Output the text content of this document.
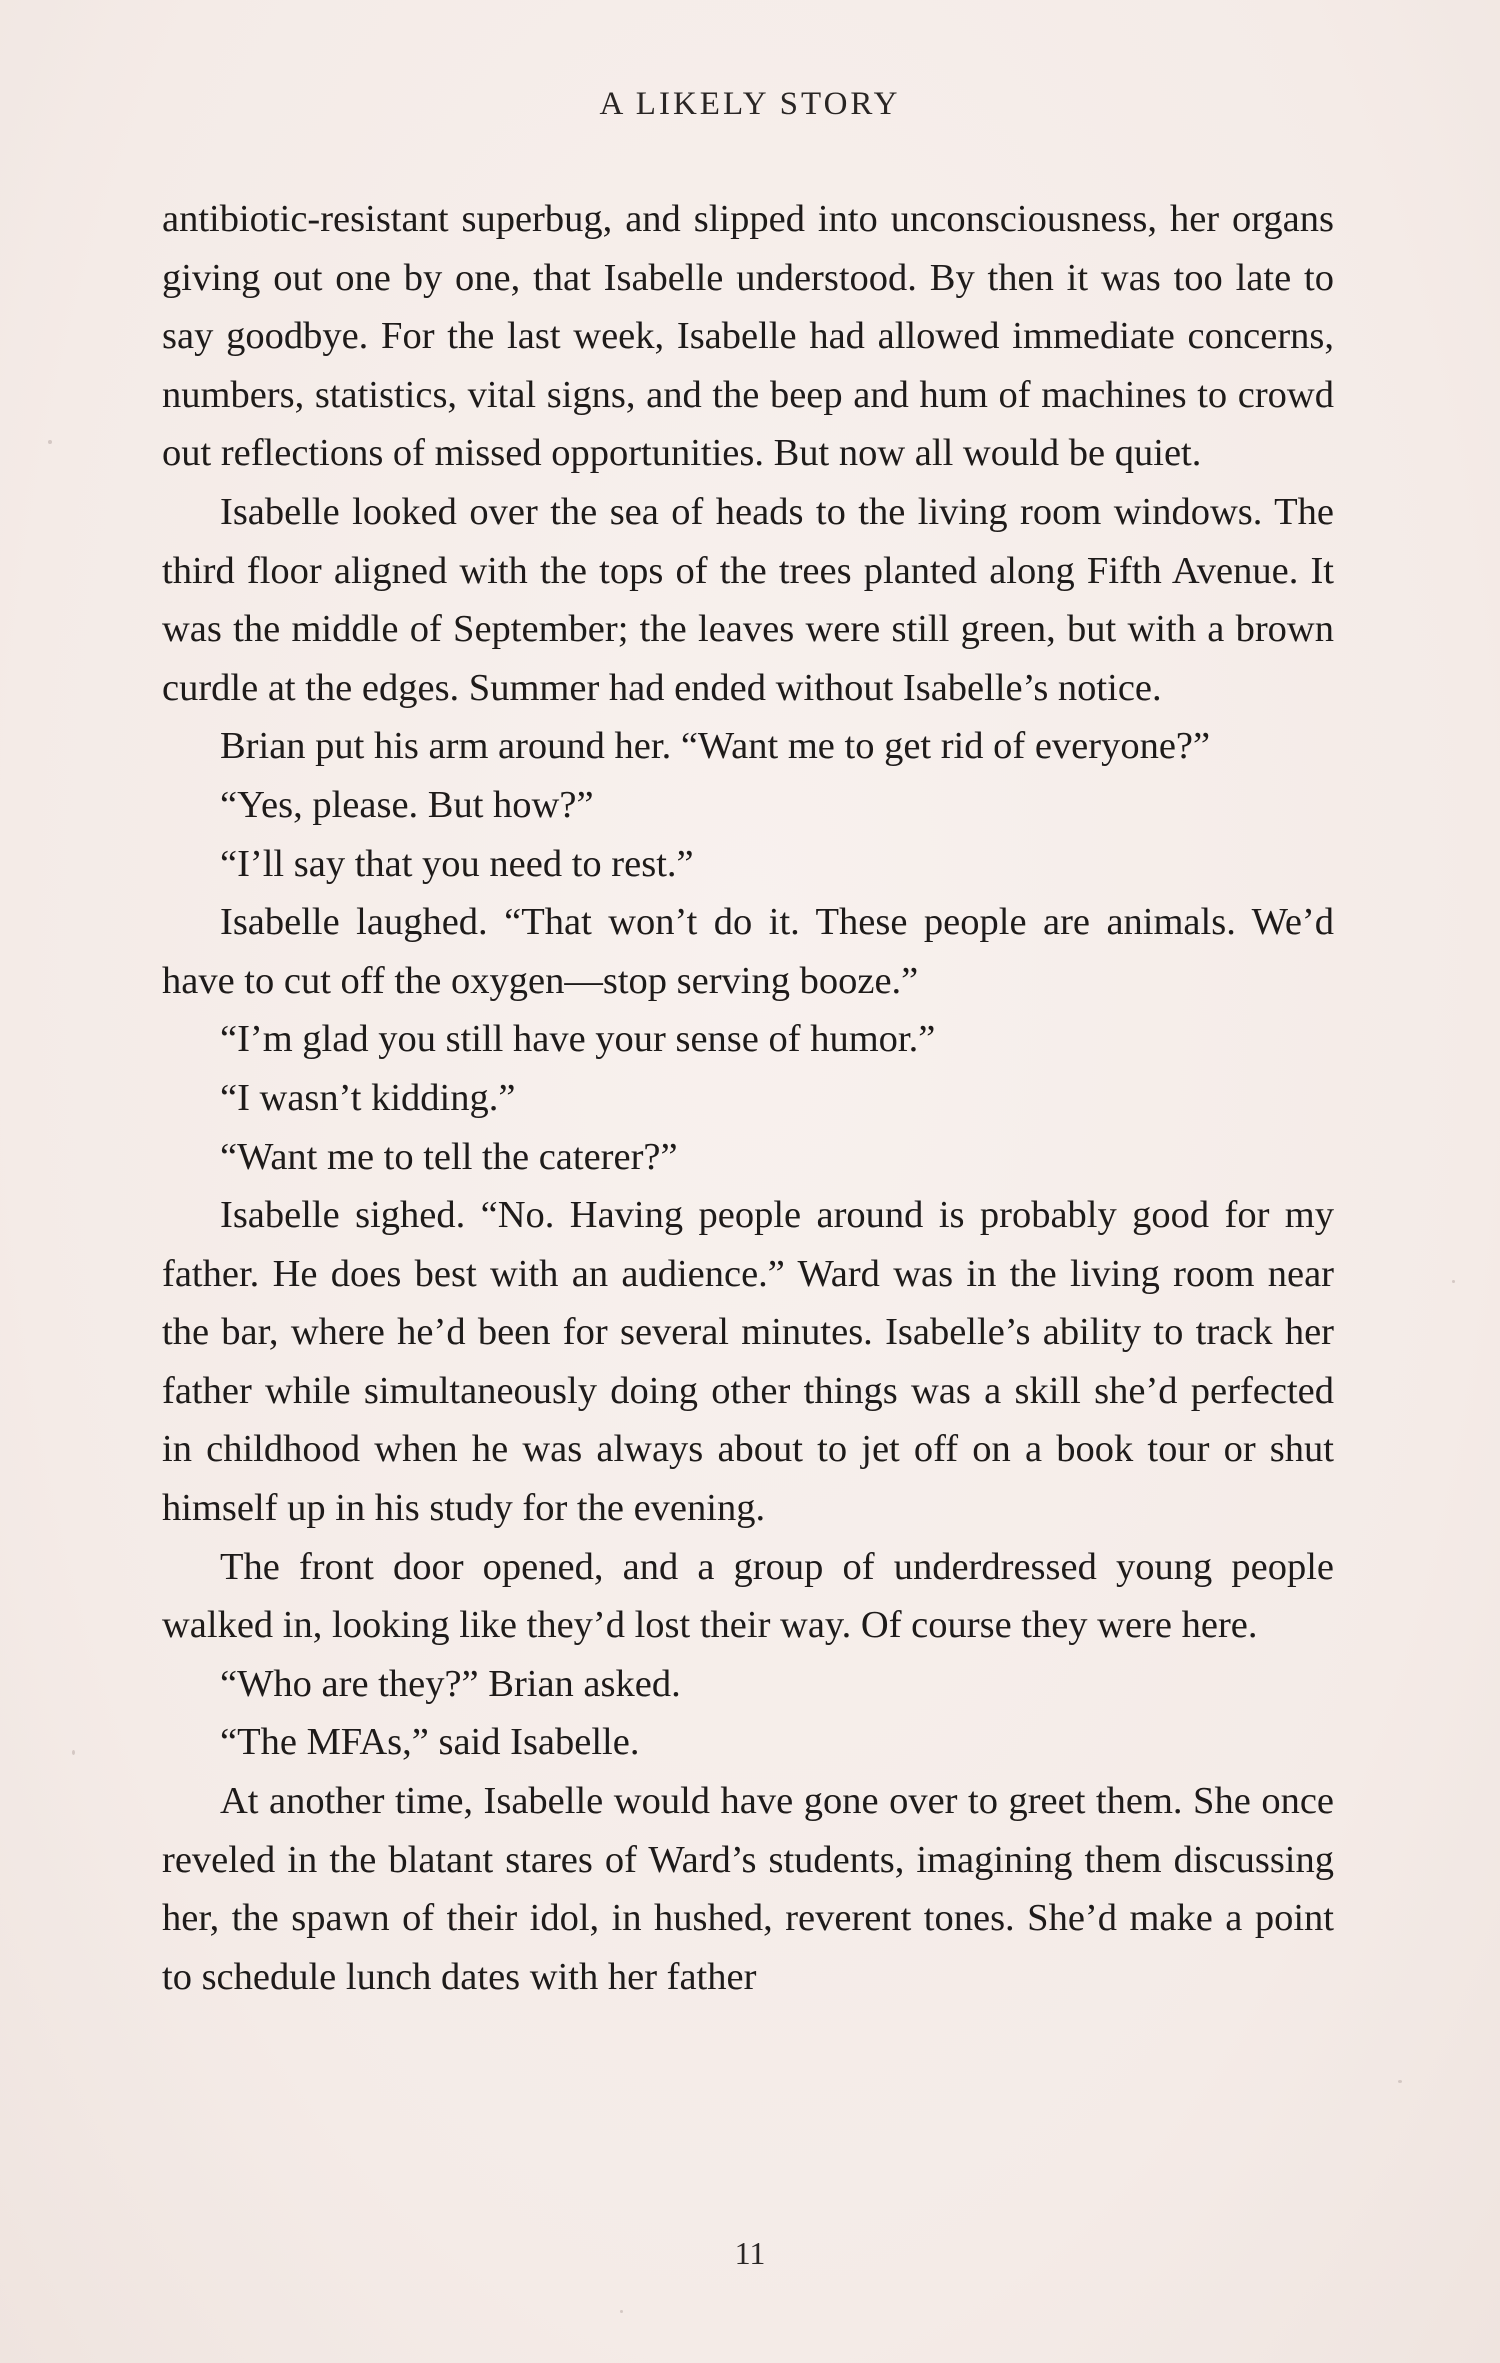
A LIKELY STORY

antibiotic-resistant superbug, and slipped into unconsciousness, her organs giving out one by one, that Isabelle understood. By then it was too late to say goodbye. For the last week, Isabelle had allowed immediate concerns, numbers, statistics, vital signs, and the beep and hum of machines to crowd out reflections of missed opportunities. But now all would be quiet.

Isabelle looked over the sea of heads to the living room windows. The third floor aligned with the tops of the trees planted along Fifth Avenue. It was the middle of September; the leaves were still green, but with a brown curdle at the edges. Summer had ended without Isabelle’s notice.

Brian put his arm around her. “Want me to get rid of everyone?”

“Yes, please. But how?”

“I’ll say that you need to rest.”

Isabelle laughed. “That won’t do it. These people are animals. We’d have to cut off the oxygen—stop serving booze.”

“I’m glad you still have your sense of humor.”

“I wasn’t kidding.”

“Want me to tell the caterer?”

Isabelle sighed. “No. Having people around is probably good for my father. He does best with an audience.” Ward was in the living room near the bar, where he’d been for several minutes. Isabelle’s ability to track her father while simultaneously doing other things was a skill she’d perfected in childhood when he was always about to jet off on a book tour or shut himself up in his study for the evening.

The front door opened, and a group of underdressed young people walked in, looking like they’d lost their way. Of course they were here.

“Who are they?” Brian asked.

“The MFAs,” said Isabelle.

At another time, Isabelle would have gone over to greet them. She once reveled in the blatant stares of Ward’s students, imagining them discussing her, the spawn of their idol, in hushed, reverent tones. She’d make a point to schedule lunch dates with her father

11
